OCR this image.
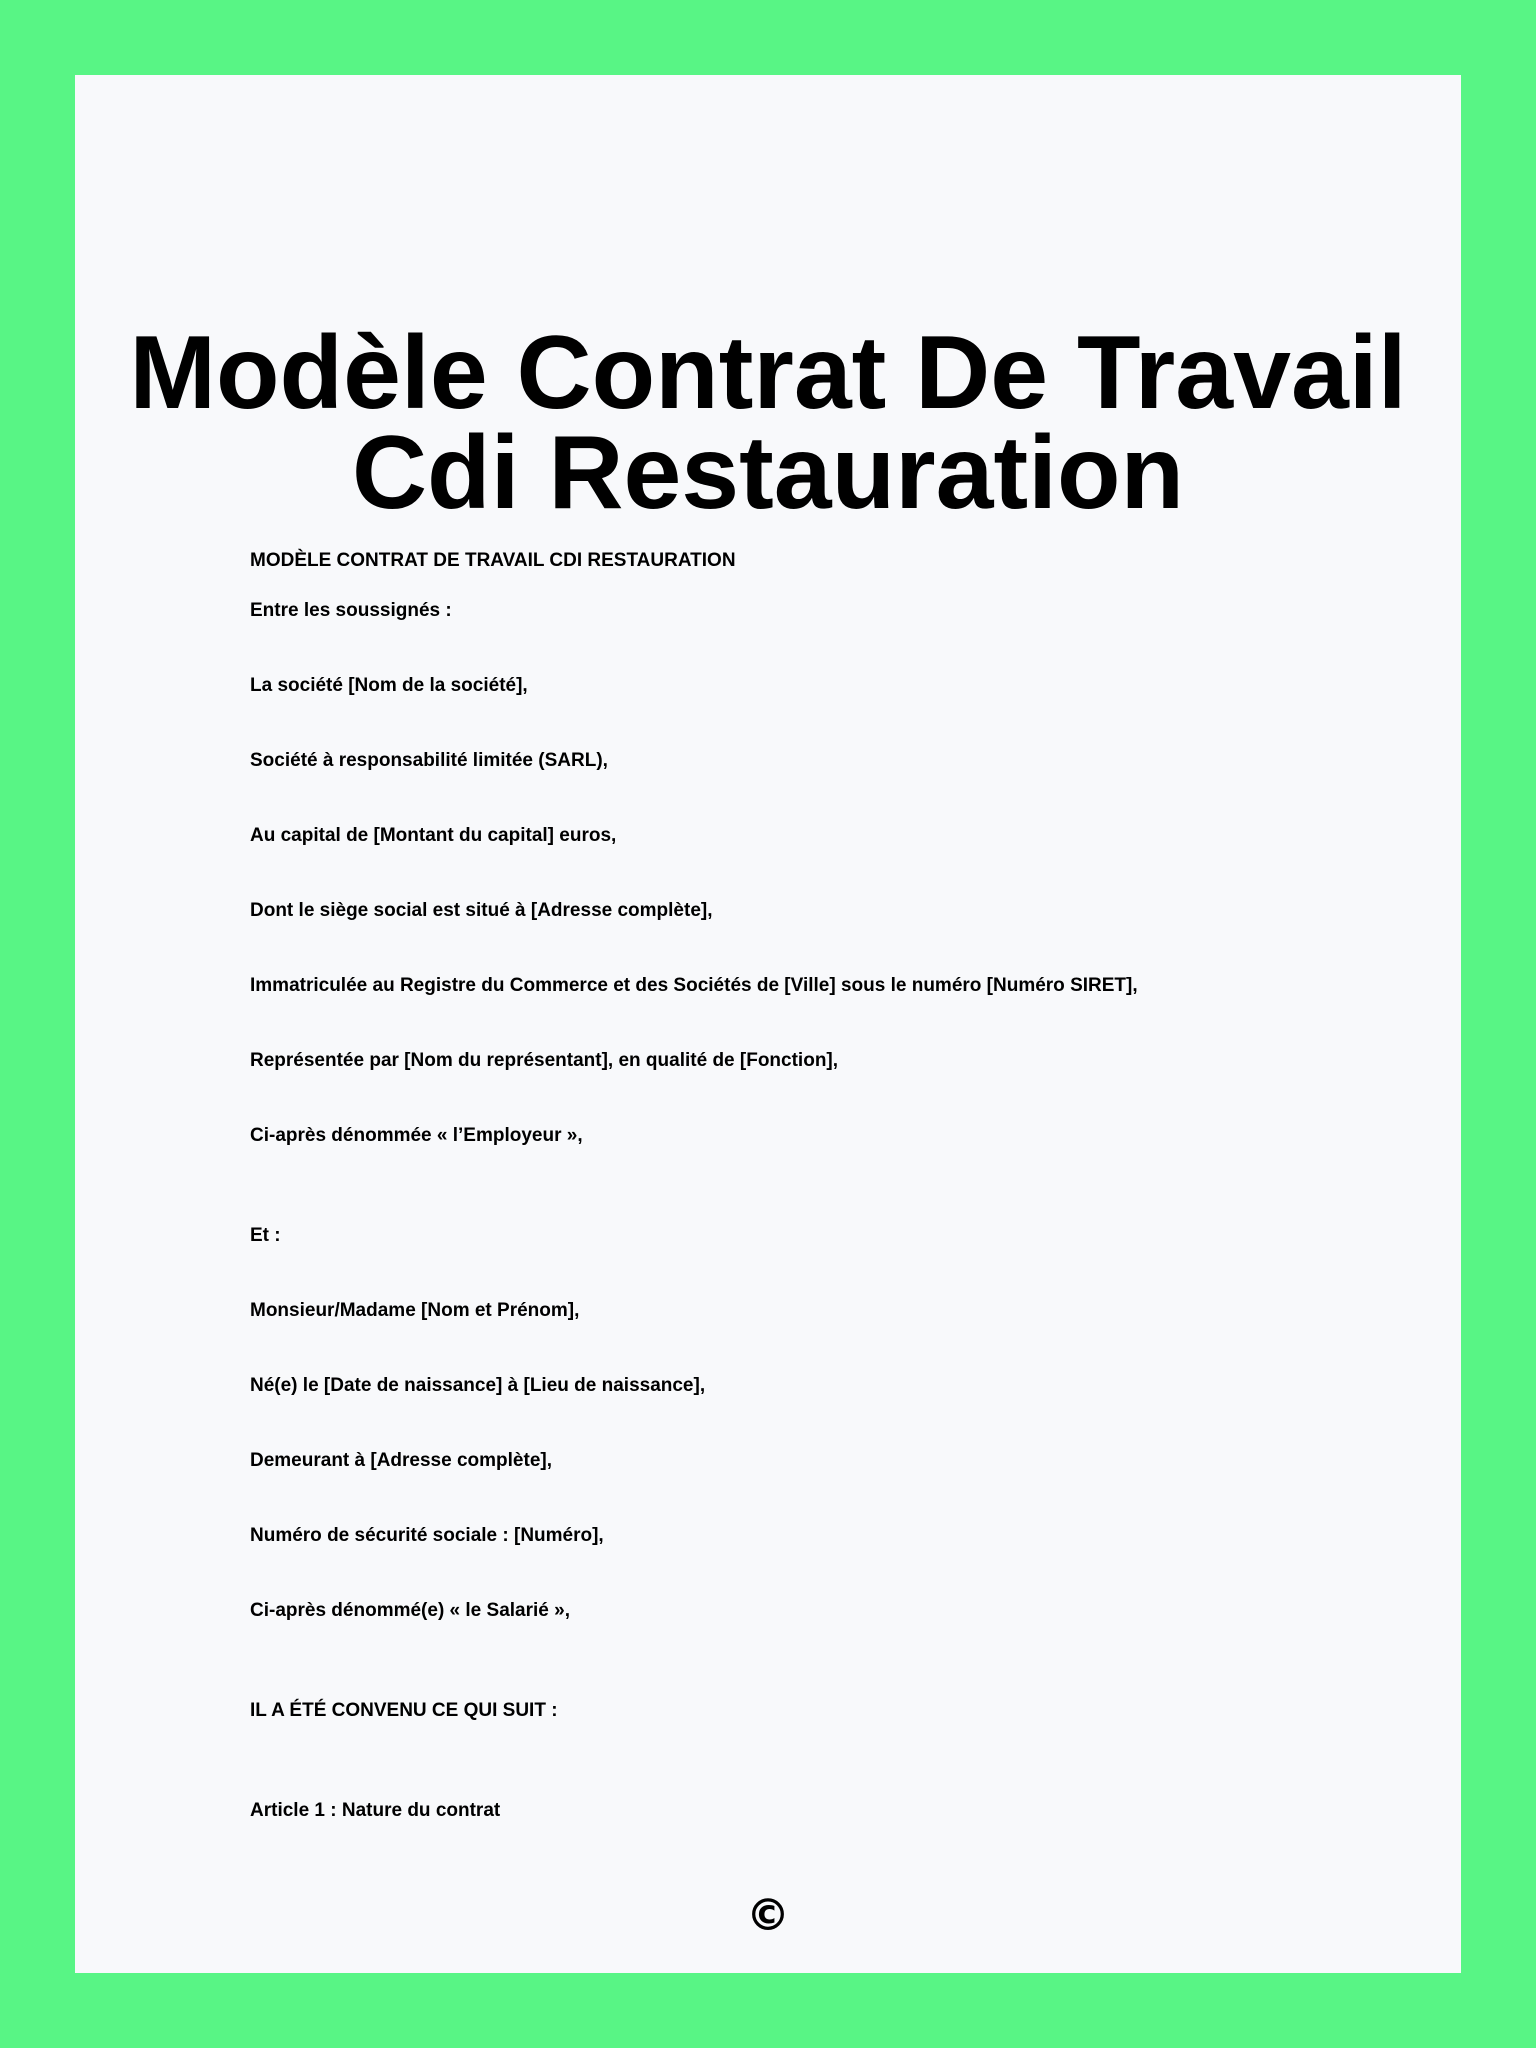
Modèle Contrat De Travail
Cdi Restauration
MODÈLE CONTRAT DE TRAVAIL CDI RESTAURATION
Entre les soussignés :
La société [Nom de la société],
Société à responsabilité limitée (SARL),
Au capital de [Montant du capital] euros,
Dont le siège social est situé à [Adresse complète],
Immatriculée au Registre du Commerce et des Sociétés de [Ville] sous le numéro [Numéro SIRET],
Représentée par [Nom du représentant], en qualité de [Fonction],
Ci-après dénommée « l’Employeur »,
Et :
Monsieur/Madame [Nom et Prénom],
Né(e) le [Date de naissance] à [Lieu de naissance],
Demeurant à [Adresse complète],
Numéro de sécurité sociale : [Numéro],
Ci-après dénommé(e) « le Salarié »,
IL A ÉTÉ CONVENU CE QUI SUIT :
Article 1 : Nature du contrat
©
